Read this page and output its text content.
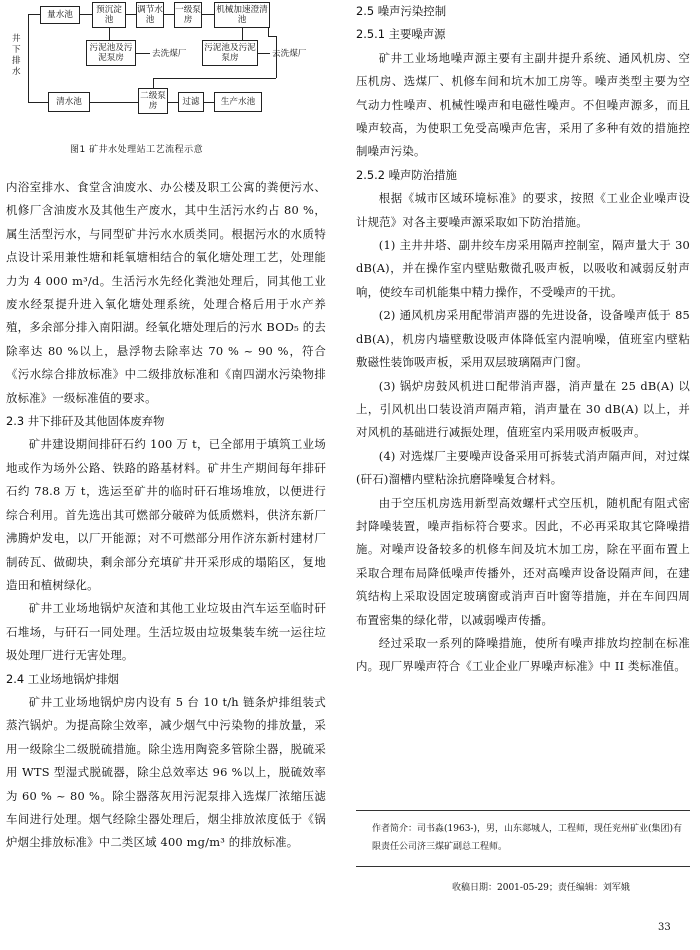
井下排水
量水池	预沉淀池
调节水池
一级泵房
机械加速澄清池
污泥池及污泥泵房	去洗煤厂
污泥池及污泥泵房	去洗煤厂
清水池
二级泵房	过滤	生产水池
图1 矿井水处理站工艺流程示意

内浴室排水、食堂含油废水、办公楼及职工公寓的粪便污水、机修厂含油废水及其他生产废水，其中生活污水约占 80 %，属生活型污水，与同型矿井污水水质类同。根据污水的水质特点设计采用兼性塘和耗氧塘相结合的氧化塘处理工艺，处理能力为 4 000 m³/d。生活污水先经化粪池处理后，同其他工业废水经泵提升进入氧化塘处理系统，处理合格后用于水产养殖，多余部分排入南阳湖。经氧化塘处理后的污水 BOD₅ 的去除率达 80 %以上，悬浮物去除率达 70 % ~ 90 %，符合《污水综合排放标准》中二级排放标准和《南四湖水污染物排放标准》一级标准值的要求。

2.3 井下排矸及其他固体废弃物

矿井建设期间排矸石约 100 万 t，已全部用于填筑工业场地或作为场外公路、铁路的路基材料。矿井生产期间每年排矸石约 78.8 万 t，选运至矿井的临时矸石堆场堆放，以便进行综合利用。首先选出其可燃部分破碎为低质燃料，供济东新厂沸腾炉发电，以厂开能源；对不可燃部分用作济东新村建材厂制砖瓦、做砌块，剩余部分充填矿井开采形成的塌陷区，复地造田和植树绿化。

矿井工业场地锅炉灰渣和其他工业垃圾由汽车运至临时矸石堆场，与矸石一同处理。生活垃圾由垃圾集装车统一运往垃圾处理厂进行无害处理。

2.4 工业场地锅炉排烟

矿井工业场地锅炉房内设有 5 台 10 t/h 链条炉排组装式蒸汽锅炉。为提高除尘效率，减少烟气中污染物的排放量，采用一级除尘二级脱硫措施。除尘选用陶瓷多管除尘器，脱硫采用 WTS 型湿式脱硫器，除尘总效率达 96 %以上，脱硫效率为 60 % ~ 80 %。除尘器落灰用污泥泵排入选煤厂浓缩压滤车间进行处理。烟气经除尘器处理后，烟尘排放浓度低于《锅炉烟尘排放标准》中二类区域 400 mg/m³ 的排放标准。

2.5 噪声污染控制

2.5.1 主要噪声源

矿井工业场地噪声源主要有主副井提升系统、通风机房、空压机房、选煤厂、机修车间和坑木加工房等。噪声类型主要为空气动力性噪声、机械性噪声和电磁性噪声。不但噪声源多，而且噪声较高，为使职工免受高噪声危害，采用了多种有效的措施控制噪声污染。

2.5.2 噪声防治措施

根据《城市区域环境标准》的要求，按照《工业企业噪声设计规范》对各主要噪声源采取如下防治措施。

(1) 主井井塔、副井绞车房采用隔声控制室，隔声量大于 30 dB(A)，并在操作室内壁贴敷微孔吸声板，以吸收和减弱反射声响，使绞车司机能集中精力操作，不受噪声的干扰。

(2) 通风机房采用配带消声器的先进设备，设备噪声低于 85 dB(A)，机房内墙壁敷设吸声体降低室内混响噪，值班室内壁粘敷磁性装饰吸声板，采用双层玻璃隔声门窗。

(3) 锅炉房鼓风机进口配带消声器，消声量在 25 dB(A) 以上，引风机出口装设消声隔声箱，消声量在 30 dB(A) 以上，并对风机的基础进行减振处理，值班室内采用吸声板吸声。

(4) 对选煤厂主要噪声设备采用可拆装式消声隔声间，对过煤(矸石)溜槽内壁粘涂抗磨降噪复合材料。

由于空压机房选用新型高效螺杆式空压机，随机配有阻式密封降噪装置，噪声指标符合要求。因此，不必再采取其它降噪措施。对噪声设备较多的机修车间及坑木加工房，除在平面布置上采取合理布局降低噪声传播外，还对高噪声设备设隔声间，在建筑结构上采取设固定玻璃窗或消声百叶窗等措施，并在车间四周布置密集的绿化带，以减弱噪声传播。

经过采取一系列的降噪措施，使所有噪声排放均控制在标准内。现厂界噪声符合《工业企业厂界噪声标准》中 II 类标准值。

作者简介：司书淼(1963-)，男，山东郯城人，工程师，现任兖州矿业(集团)有限责任公司济三煤矿副总工程师。
收稿日期：2001-05-29；责任编辑：刘军娥
33
